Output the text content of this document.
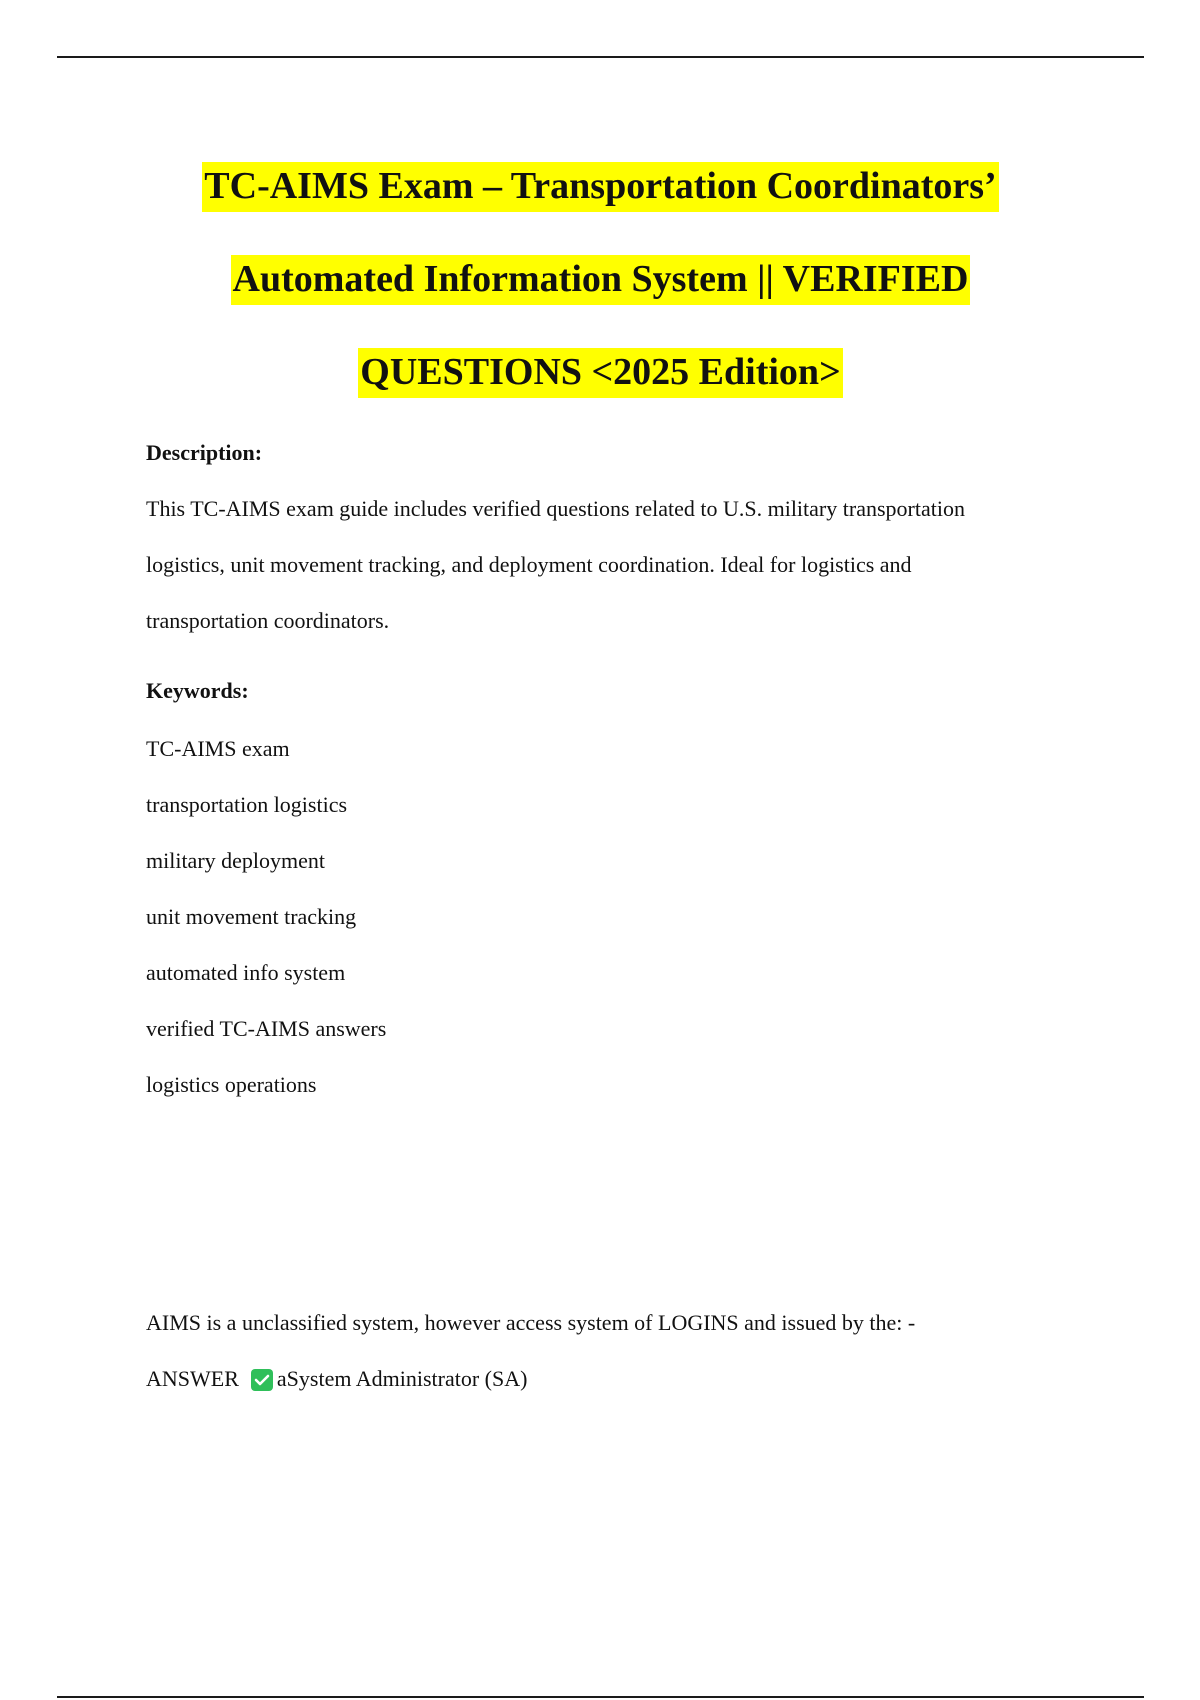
TC-AIMS Exam – Transportation Coordinators’
Automated Information System || VERIFIED
QUESTIONS <2025 Edition>
Description:
This TC-AIMS exam guide includes verified questions related to U.S. military transportation
logistics, unit movement tracking, and deployment coordination. Ideal for logistics and
transportation coordinators.
Keywords:
TC-AIMS exam
transportation logistics
military deployment
unit movement tracking
automated info system
verified TC-AIMS answers
logistics operations
AIMS is a unclassified system, however access system of LOGINS and issued by the: -
ANSWER aSystem Administrator (SA)
